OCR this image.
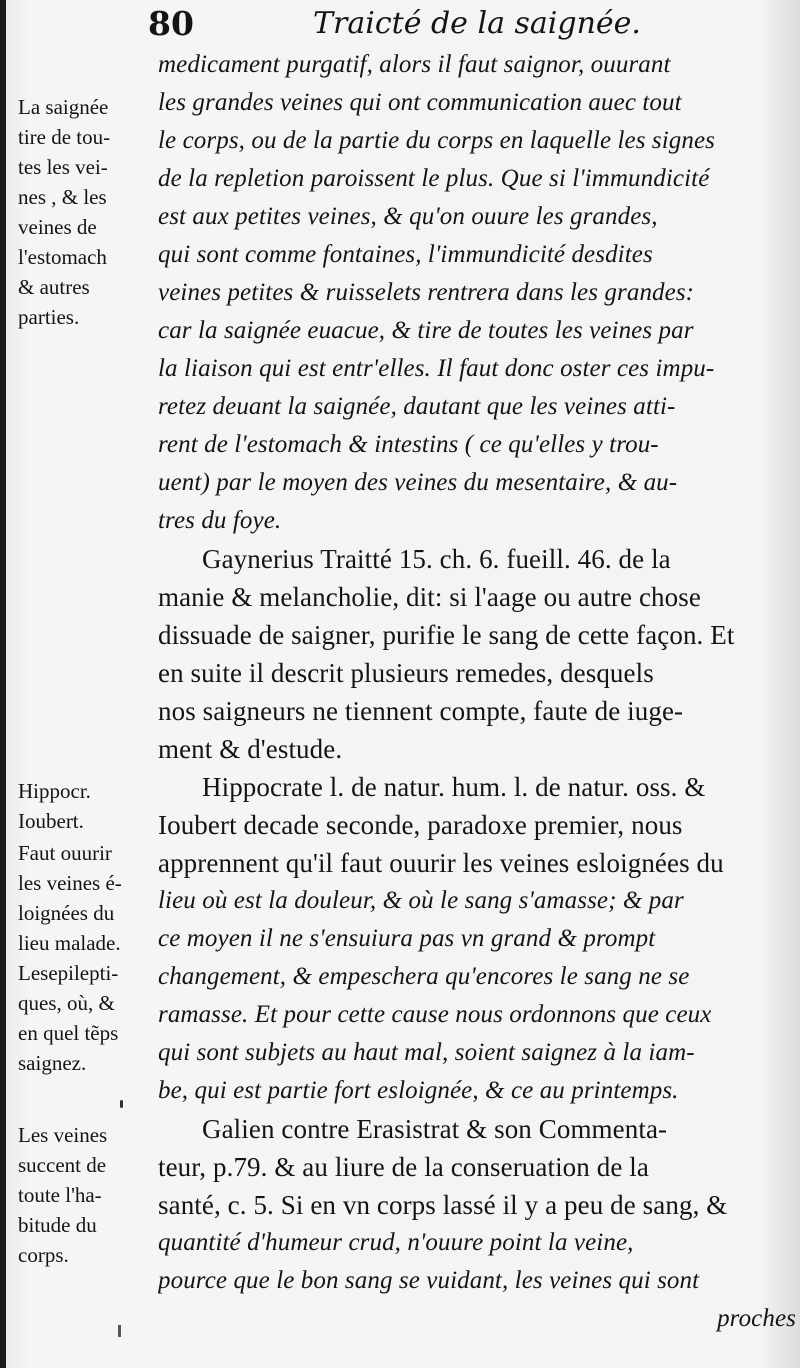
80	Traicté de la saignée.
La saignée
tire de tou-
tes les vei-
nes , & les
veines de
l'estomach
& autres
parties.
Hippocr.
Ioubert.
Faut ouurir
les veines é-
loignées du
lieu malade.
Lesepilepti-
ques, où, &
en quel tẽps
saignez.
Les veines
succent de
toute l'ha-
bitude du
corps.
medicament purgatif, alors il faut saignor, ouurant
les grandes veines qui ont communication auec tout
le corps, ou de la partie du corps en laquelle les signes
de la repletion paroissent le plus. Que si l'immundicité
est aux petites veines, & qu'on ouure les grandes,
qui sont comme fontaines, l'immundicité desdites
veines petites & ruisselets rentrera dans les grandes:
car la saignée euacue, & tire de toutes les veines par
la liaison qui est entr'elles. Il faut donc oster ces impu-
retez deuant la saignée, dautant que les veines atti-
rent de l'estomach & intestins ( ce qu'elles y trou-
uent) par le moyen des veines du mesentaire, & au-
tres du foye.
Gaynerius Traitté 15. ch. 6. fueill. 46. de la
manie & melancholie, dit: si l'aage ou autre chose
dissuade de saigner, purifie le sang de cette façon. Et
en suite il descrit plusieurs remedes, desquels
nos saigneurs ne tiennent compte, faute de iuge-
ment & d'estude.
Hippocrate l. de natur. hum. l. de natur. oss. &
Ioubert decade seconde, paradoxe premier, nous
apprennent qu'il faut ouurir les veines esloignées du
lieu où est la douleur, & où le sang s'amasse; & par
ce moyen il ne s'ensuiura pas vn grand & prompt
changement, & empeschera qu'encores le sang ne se
ramasse. Et pour cette cause nous ordonnons que ceux
qui sont subjets au haut mal, soient saignez à la iam-
be, qui est partie fort esloignée, & ce au printemps.
Galien contre Erasistrat & son Commenta-
teur, p.79. & au liure de la conseruation de la
santé, c. 5. Si en vn corps lassé il y a peu de sang, &
quantité d'humeur crud, n'ouure point la veine,
pource que le bon sang se vuidant, les veines qui sont
proches
